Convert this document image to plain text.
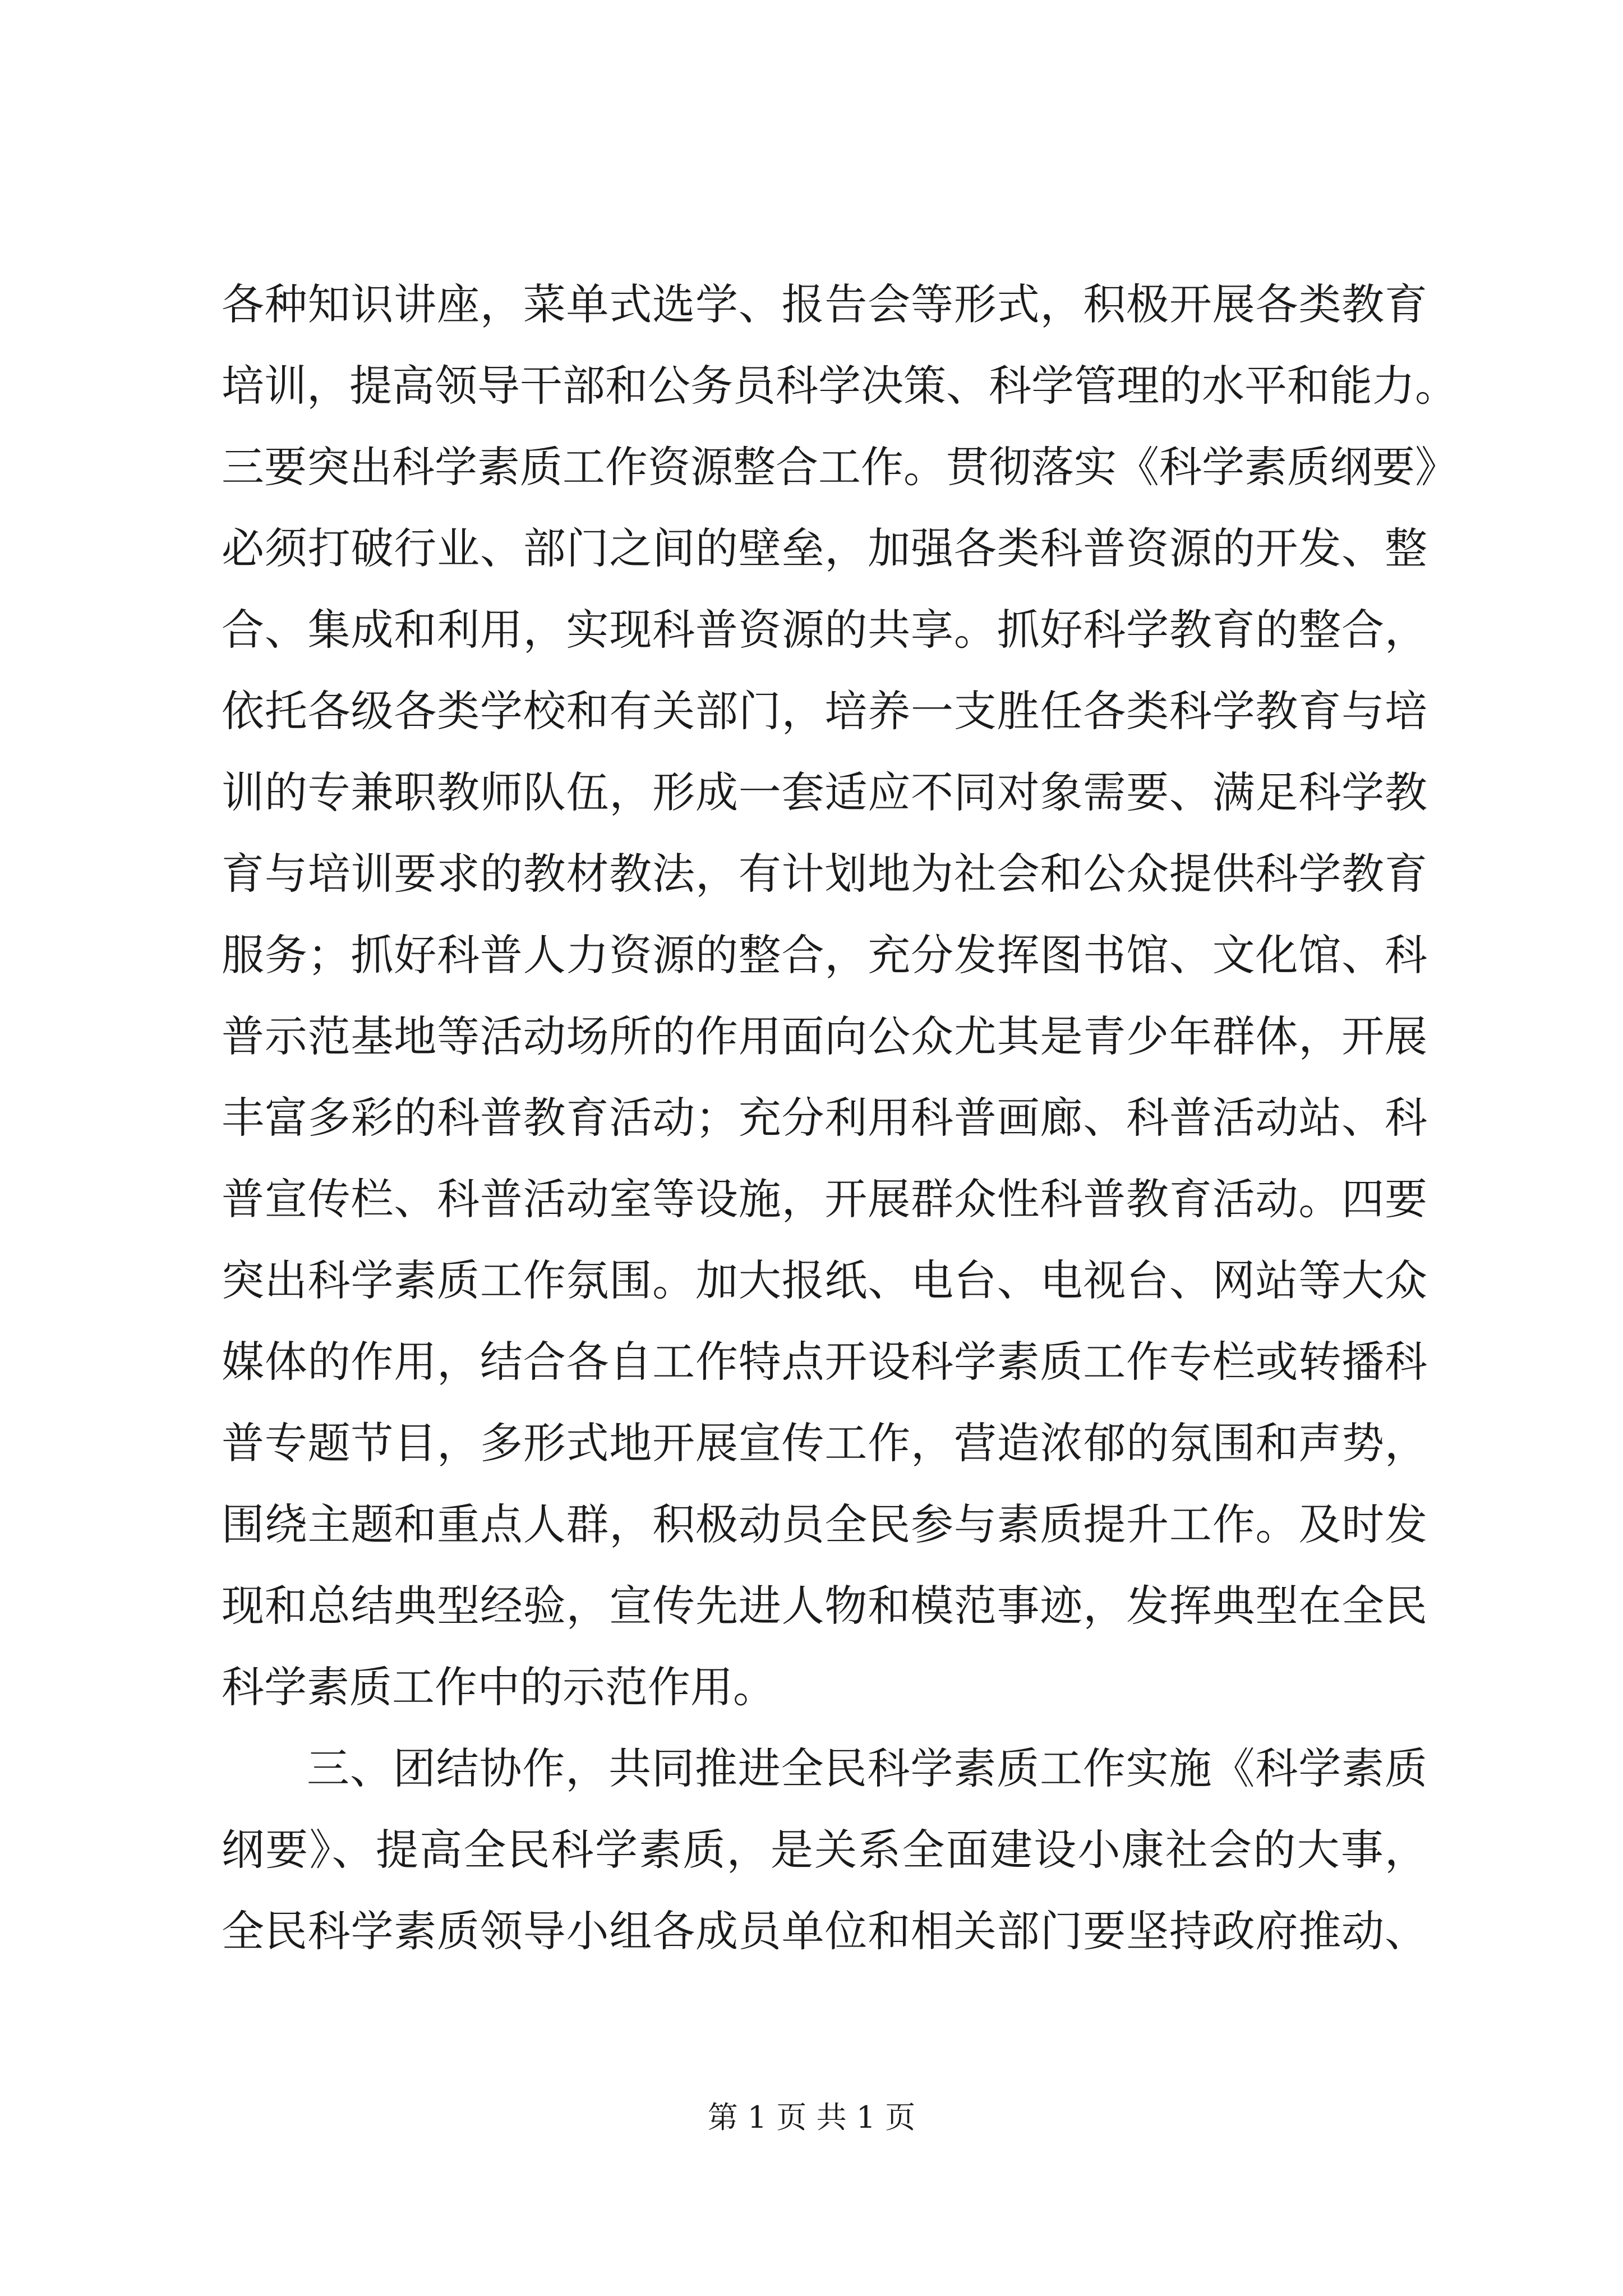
各种知识讲座，菜单式选学、报告会等形式，积极开展各类教育
培训，提高领导干部和公务员科学决策、科学管理的水平和能力。
三要突出科学素质工作资源整合工作。贯彻落实《科学素质纲要》
必须打破行业、部门之间的壁垒，加强各类科普资源的开发、整
合、集成和利用，实现科普资源的共享。抓好科学教育的整合，
依托各级各类学校和有关部门，培养一支胜任各类科学教育与培
训的专兼职教师队伍，形成一套适应不同对象需要、满足科学教
育与培训要求的教材教法，有计划地为社会和公众提供科学教育
服务；抓好科普人力资源的整合，充分发挥图书馆、文化馆、科
普示范基地等活动场所的作用面向公众尤其是青少年群体，开展
丰富多彩的科普教育活动；充分利用科普画廊、科普活动站、科
普宣传栏、科普活动室等设施，开展群众性科普教育活动。四要
突出科学素质工作氛围。加大报纸、电台、电视台、网站等大众
媒体的作用，结合各自工作特点开设科学素质工作专栏或转播科
普专题节目，多形式地开展宣传工作，营造浓郁的氛围和声势，
围绕主题和重点人群，积极动员全民参与素质提升工作。及时发
现和总结典型经验，宣传先进人物和模范事迹，发挥典型在全民
科学素质工作中的示范作用。
三、团结协作，共同推进全民科学素质工作实施《科学素质
纲要》、提高全民科学素质，是关系全面建设小康社会的大事，
全民科学素质领导小组各成员单位和相关部门要坚持政府推动、
第 1 页 共 1 页
